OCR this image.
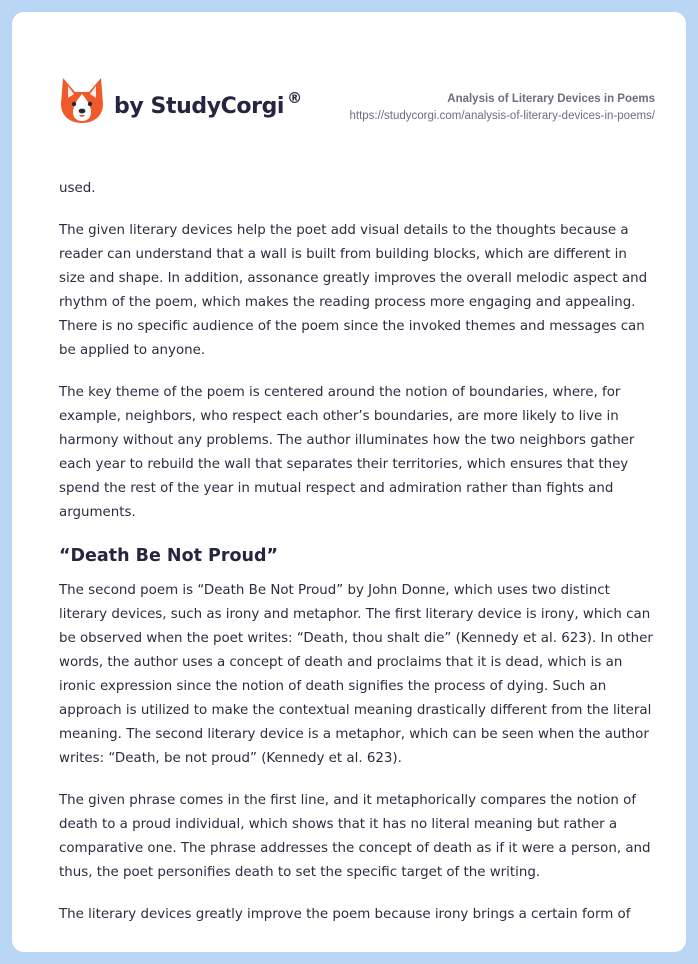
by StudyCorgi ®	Analysis of Literary Devices in Poems
https://studycorgi.com/analysis-of-literary-devices-in-poems/

used.

The given literary devices help the poet add visual details to the thoughts because a reader can understand that a wall is built from building blocks, which are different in size and shape. In addition, assonance greatly improves the overall melodic aspect and rhythm of the poem, which makes the reading process more engaging and appealing. There is no specific audience of the poem since the invoked themes and messages can be applied to anyone.

The key theme of the poem is centered around the notion of boundaries, where, for example, neighbors, who respect each other’s boundaries, are more likely to live in harmony without any problems. The author illuminates how the two neighbors gather each year to rebuild the wall that separates their territories, which ensures that they spend the rest of the year in mutual respect and admiration rather than fights and arguments.

“Death Be Not Proud”

The second poem is “Death Be Not Proud” by John Donne, which uses two distinct literary devices, such as irony and metaphor. The first literary device is irony, which can be observed when the poet writes: “Death, thou shalt die” (Kennedy et al. 623). In other words, the author uses a concept of death and proclaims that it is dead, which is an ironic expression since the notion of death signifies the process of dying. Such an approach is utilized to make the contextual meaning drastically different from the literal meaning. The second literary device is a metaphor, which can be seen when the author writes: “Death, be not proud” (Kennedy et al. 623).

The given phrase comes in the first line, and it metaphorically compares the notion of death to a proud individual, which shows that it has no literal meaning but rather a comparative one. The phrase addresses the concept of death as if it were a person, and thus, the poet personifies death to set the specific target of the writing.

The literary devices greatly improve the poem because irony brings a certain form of
